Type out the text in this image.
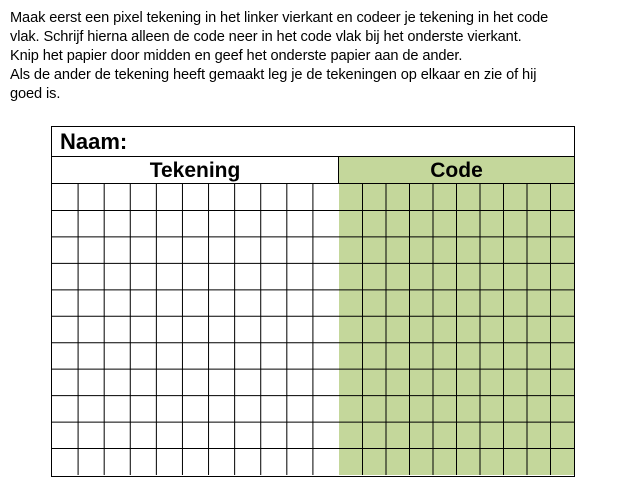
Maak eerst een pixel tekening in het linker vierkant en codeer je tekening in het code
vlak. Schrijf hierna alleen de code neer in het code vlak bij het onderste vierkant.
Knip het papier door midden en geef het onderste papier aan de ander.
Als de ander de tekening heeft gemaakt leg je de tekeningen op elkaar en zie of hij
goed is.
Naam:
Tekening	Code
